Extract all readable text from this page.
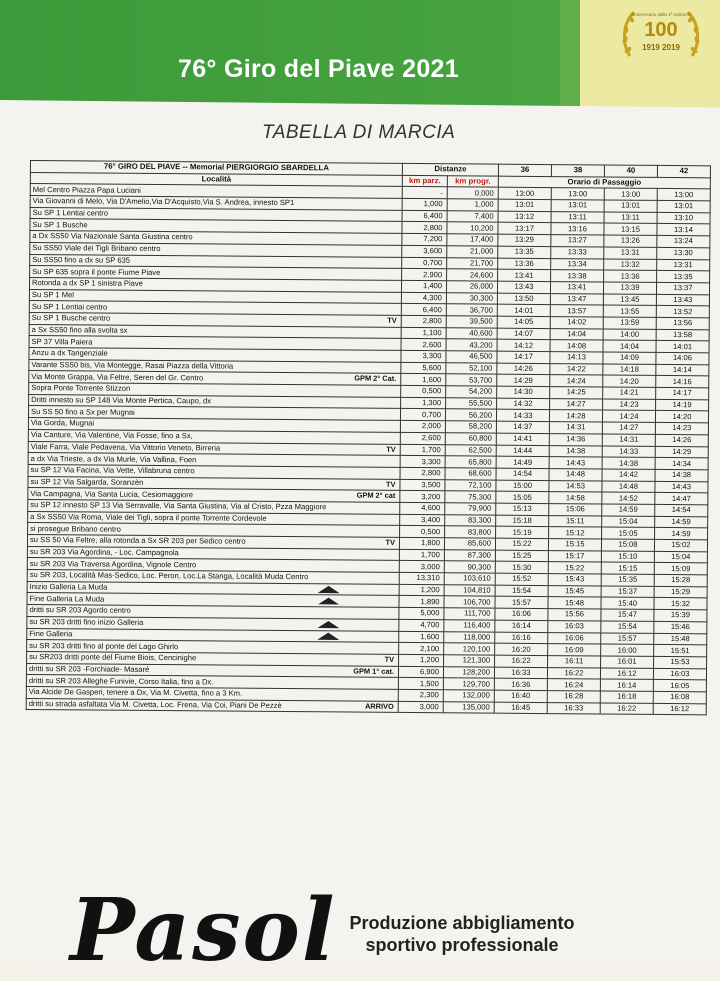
76° Giro del Piave 2021
100
1919 2019
anniversario dalla 1ª edizione
TABELLA DI MARCIA
76° GIRO DEL PIAVE -- Memorial PIERGIORGIO SBARDELLA	Distanze		36	38	40	42
Località	km parz.	km progr.	Orario di Passaggio			
Mel Centro Piazza Papa Luciani	-	0,000	13:00	13:00	13:00	13:00
Via Giovanni di Melo, Via D'Amelio,Via D'Acquisto,Via S. Andrea, innesto SP1	1,000	1,000	13:01	13:01	13:01	13:01
Su SP 1 Lentiai centro	6,400	7,400	13:12	13:11	13:11	13:10
Su SP 1 Busche	2,800	10,200	13:17	13:16	13:15	13:14
a Dx SS50 Via Nazionale Santa Giustina centro	7,200	17,400	13:29	13:27	13:26	13:24
Su SS50 Viale dei Tigli Bribano centro	3,600	21,000	13:35	13:33	13:31	13:30
Su SS50 fino a dx su SP 635	0,700	21,700	13:36	13:34	13:32	13:31
Su SP 635 sopra il ponte Fiume Piave	2,900	24,600	13:41	13:38	13:36	13:35
Rotonda a dx SP 1 sinistra Piave	1,400	26,000	13:43	13:41	13:39	13:37
Su SP 1 Mel	4,300	30,300	13:50	13:47	13:45	13:43
Su SP 1 Lentiai centro	6,400	36,700	14:01	13:57	13:55	13:52
Su SP 1 Busche centro TV	2,800	39,500	14:05	14:02	13:59	13:56
a Sx SS50 fino alla svolta sx	1,100	40,600	14:07	14:04	14:00	13:58
SP 37 Villa Paiera	2,600	43,200	14:12	14:08	14:04	14:01
Anzu a dx Tangenziale	3,300	46,500	14:17	14:13	14:09	14:06
Varante SS50 bis, Via Montegge, Rasai Piazza della Vittoria	5,600	52,100	14:26	14:22	14:18	14:14
Via Monte Grappa, Via Feltre, Seren del Gr. Centro GPM 2° Cat.	1,600	53,700	14:29	14:24	14:20	14:16
Sopra Ponte Torrente Stizzon	0,500	54,200	14:30	14:25	14:21	14:17
Dritti innesto su SP 148 Via Monte Pertica, Caupo, dx	1,300	55,500	14:32	14:27	14:23	14:19
Su SS 50 fino a Sx per Mugnai	0,700	56,200	14:33	14:28	14:24	14:20
Via Gorda, Mugnai	2,000	58,200	14:37	14:31	14:27	14:23
Via Canture, Via Valentine, Via Fosse, fino a Sx,	2,600	60,800	14:41	14:36	14:31	14:26
Viale Farra, Viale Pedavena, Via Vittorio Veneto, Birreria TV	1,700	62,500	14:44	14:38	14:33	14:29
a dx Via Trieste, a dx Via Murle, Via Vallina, Foen	3,300	65,800	14:49	14:43	14:38	14:34
su SP 12 Via Facina, Via Vette, Villabruna centro	2,800	68,600	14:54	14:48	14:42	14:38
su SP 12 Via Salgarda, Soranzèn TV	3,500	72,100	15:00	14:53	14:48	14:43
Via Campagna, Via Santa Lucia, Cesiomaggiore GPM 2° cat	3,200	75,300	15:05	14:58	14:52	14:47
su SP 12 innesto SP 13 Via Serravalle, Via Santa Giustina, Via al Cristo, Pzza Maggiore	4,600	79,900	15:13	15:06	14:59	14:54
a Sx SS50 Via Roma, Viale dei Tigli, sopra il ponte Torrente Cordevole	3,400	83,300	15:18	15:11	15:04	14:59
si prosegue Bribano centro	0,500	83,800	15:19	15:12	15:05	14:59
su SS 50 Via Feltre, alla rotonda a Sx SR 203 per Sedico centro TV	1,800	85,600	15:22	15:15	15:08	15:02
su SR 203 Via Agordina, - Loc. Campagnola	1,700	87,300	15:25	15:17	15:10	15:04
su SR 203 Via Traversa Agordina, Vignole Centro	3,000	90,300	15:30	15:22	15:15	15:09
su SR 203, Località Mas-Sedico, Loc. Peron, Loc.La Stanga, Località Muda Centro	13,310	103,610	15:52	15:43	15:35	15:28
Inizio Galleria La Muda	1,200	104,810	15:54	15:45	15:37	15:29
Fine Galleria La Muda	1,890	106,700	15:57	15:48	15:40	15:32
dritti su SR 203 Agordo centro	5,000	111,700	16:06	15:56	15:47	15:39
su SR 203 dritti fino inizio Galleria	4,700	116,400	16:14	16:03	15:54	15:46
Fine Galleria	1,600	118,000	16:16	16:06	15:57	15:48
su SR 203 dritti fino al ponte del Lago Ghirlo	2,100	120,100	16:20	16:09	16:00	15:51
su SR203 dritti ponte del Fiume Biois, Cencinighe TV	1,200	121,300	16:22	16:11	16:01	15:53
dritti su SR 203 -Forchiade- Masaré GPM 1° cat.	6,900	128,200	16:33	16:22	16:12	16:03
dritti su SR 203 Alleghe Funivie, Corso Italia, fino a Dx.	1,500	129,700	16:36	16:24	16:14	16:05
Via Alcide De Gasperi, tenere a Dx, Via M. Civetta, fino a 3 Km.	2,300	132,000	16:40	16:28	16:18	16:08
dritti su strada asfaltata Via M. Civetta, Loc. Frena, Via Coi, Piani De Pezzè ARRIVO	3,000	135,000	16:45	16:33	16:22	16:12
Pasol Produzione abbigliamento
sportivo professionale
